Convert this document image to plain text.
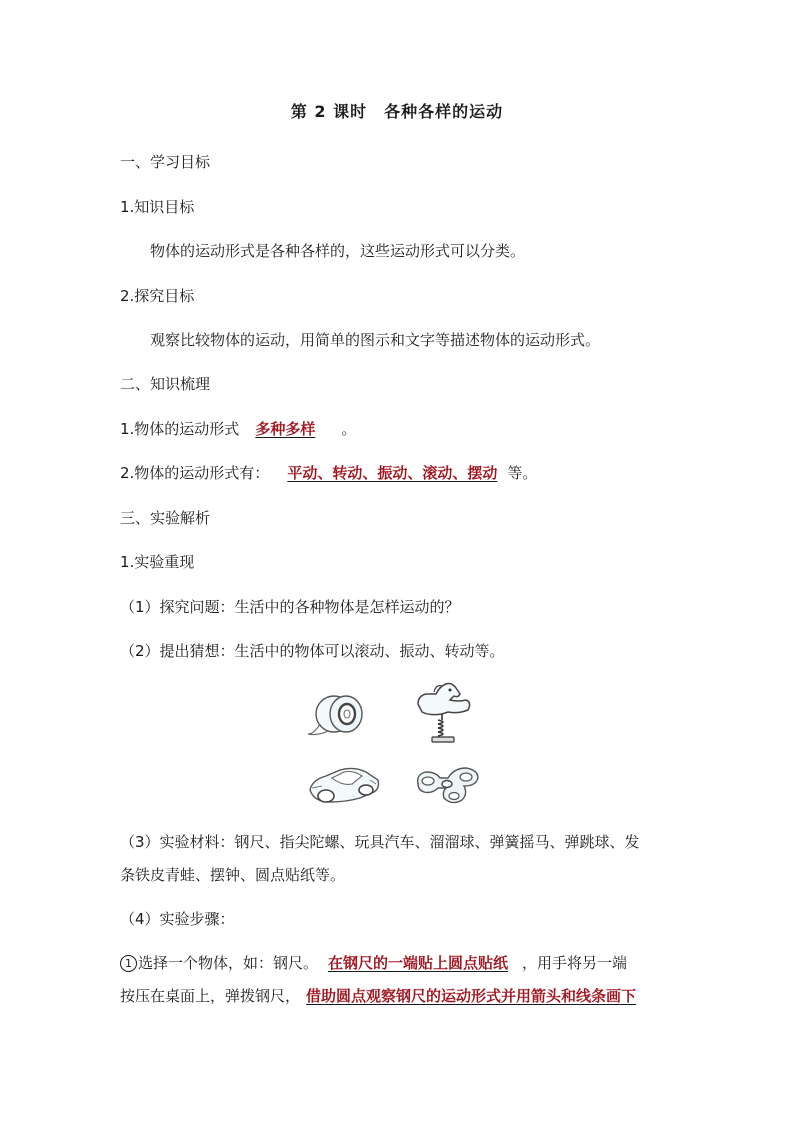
第 2 课时　各种各样的运动
一、学习目标
1.知识目标
物体的运动形式是各种各样的，这些运动形式可以分类。
2.探究目标
观察比较物体的运动，用简单的图示和文字等描述物体的运动形式。
二、知识梳理
1.物体的运动形式 多种多样 。
2.物体的运动形式有： 平动、转动、振动、滚动、摆动 等。
三、实验解析
1.实验重现
（1）探究问题：生活中的各种物体是怎样运动的？
（2）提出猜想：生活中的物体可以滚动、振动、转动等。
（3）实验材料：钢尺、指尖陀螺、玩具汽车、溜溜球、弹簧摇马、弹跳球、发
条铁皮青蛙、摆钟、圆点贴纸等。
（4）实验步骤：
1 选择一个物体，如：钢尺。 在钢尺的一端贴上圆点贴纸 ，用手将另一端
按压在桌面上，弹拨钢尺， 借助圆点观察钢尺的运动形式并用箭头和线条画下
